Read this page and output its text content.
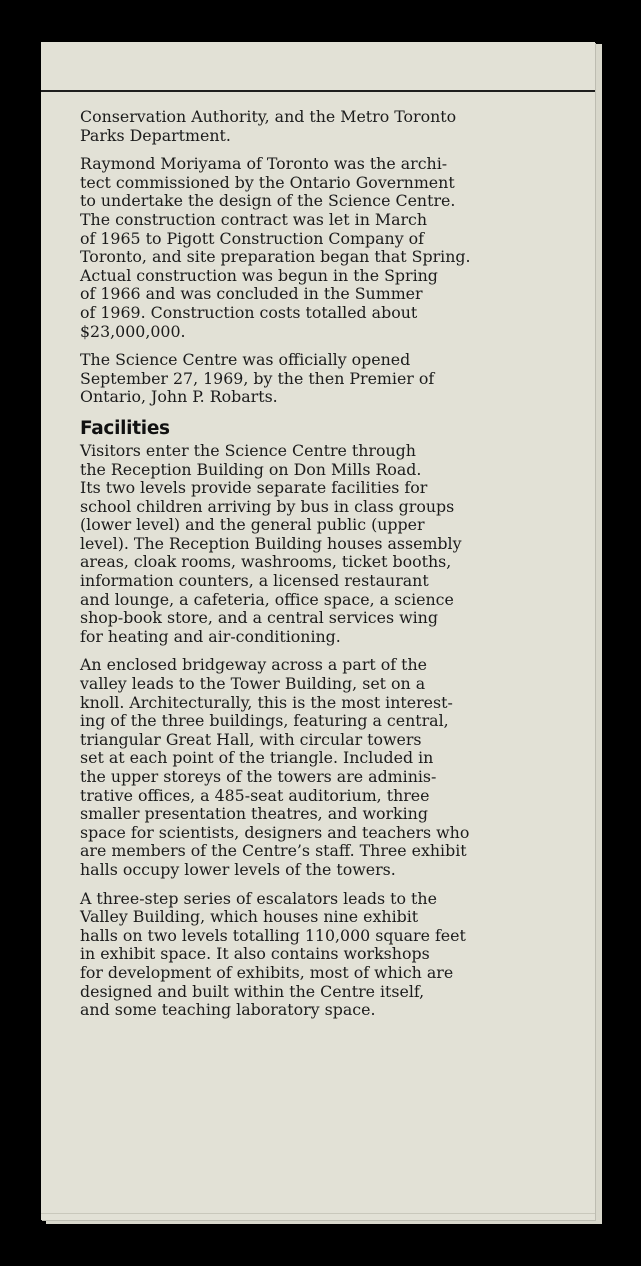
Conservation Authority, and the Metro Toronto
Parks Department.

Raymond Moriyama of Toronto was the archi-
tect commissioned by the Ontario Government
to undertake the design of the Science Centre.
The construction contract was let in March
of 1965 to Pigott Construction Company of
Toronto, and site preparation began that Spring.
Actual construction was begun in the Spring
of 1966 and was concluded in the Summer
of 1969. Construction costs totalled about
$23,000,000.

The Science Centre was officially opened
September 27, 1969, by the then Premier of
Ontario, John P. Robarts.

Facilities

Visitors enter the Science Centre through
the Reception Building on Don Mills Road.
Its two levels provide separate facilities for
school children arriving by bus in class groups
(lower level) and the general public (upper
level). The Reception Building houses assembly
areas, cloak rooms, washrooms, ticket booths,
information counters, a licensed restaurant
and lounge, a cafeteria, office space, a science
shop-book store, and a central services wing
for heating and air-conditioning.

An enclosed bridgeway across a part of the
valley leads to the Tower Building, set on a
knoll. Architecturally, this is the most interest-
ing of the three buildings, featuring a central,
triangular Great Hall, with circular towers
set at each point of the triangle. Included in
the upper storeys of the towers are adminis-
trative offices, a 485-seat auditorium, three
smaller presentation theatres, and working
space for scientists, designers and teachers who
are members of the Centre’s staff. Three exhibit
halls occupy lower levels of the towers.

A three-step series of escalators leads to the
Valley Building, which houses nine exhibit
halls on two levels totalling 110,000 square feet
in exhibit space. It also contains workshops
for development of exhibits, most of which are
designed and built within the Centre itself,
and some teaching laboratory space.
